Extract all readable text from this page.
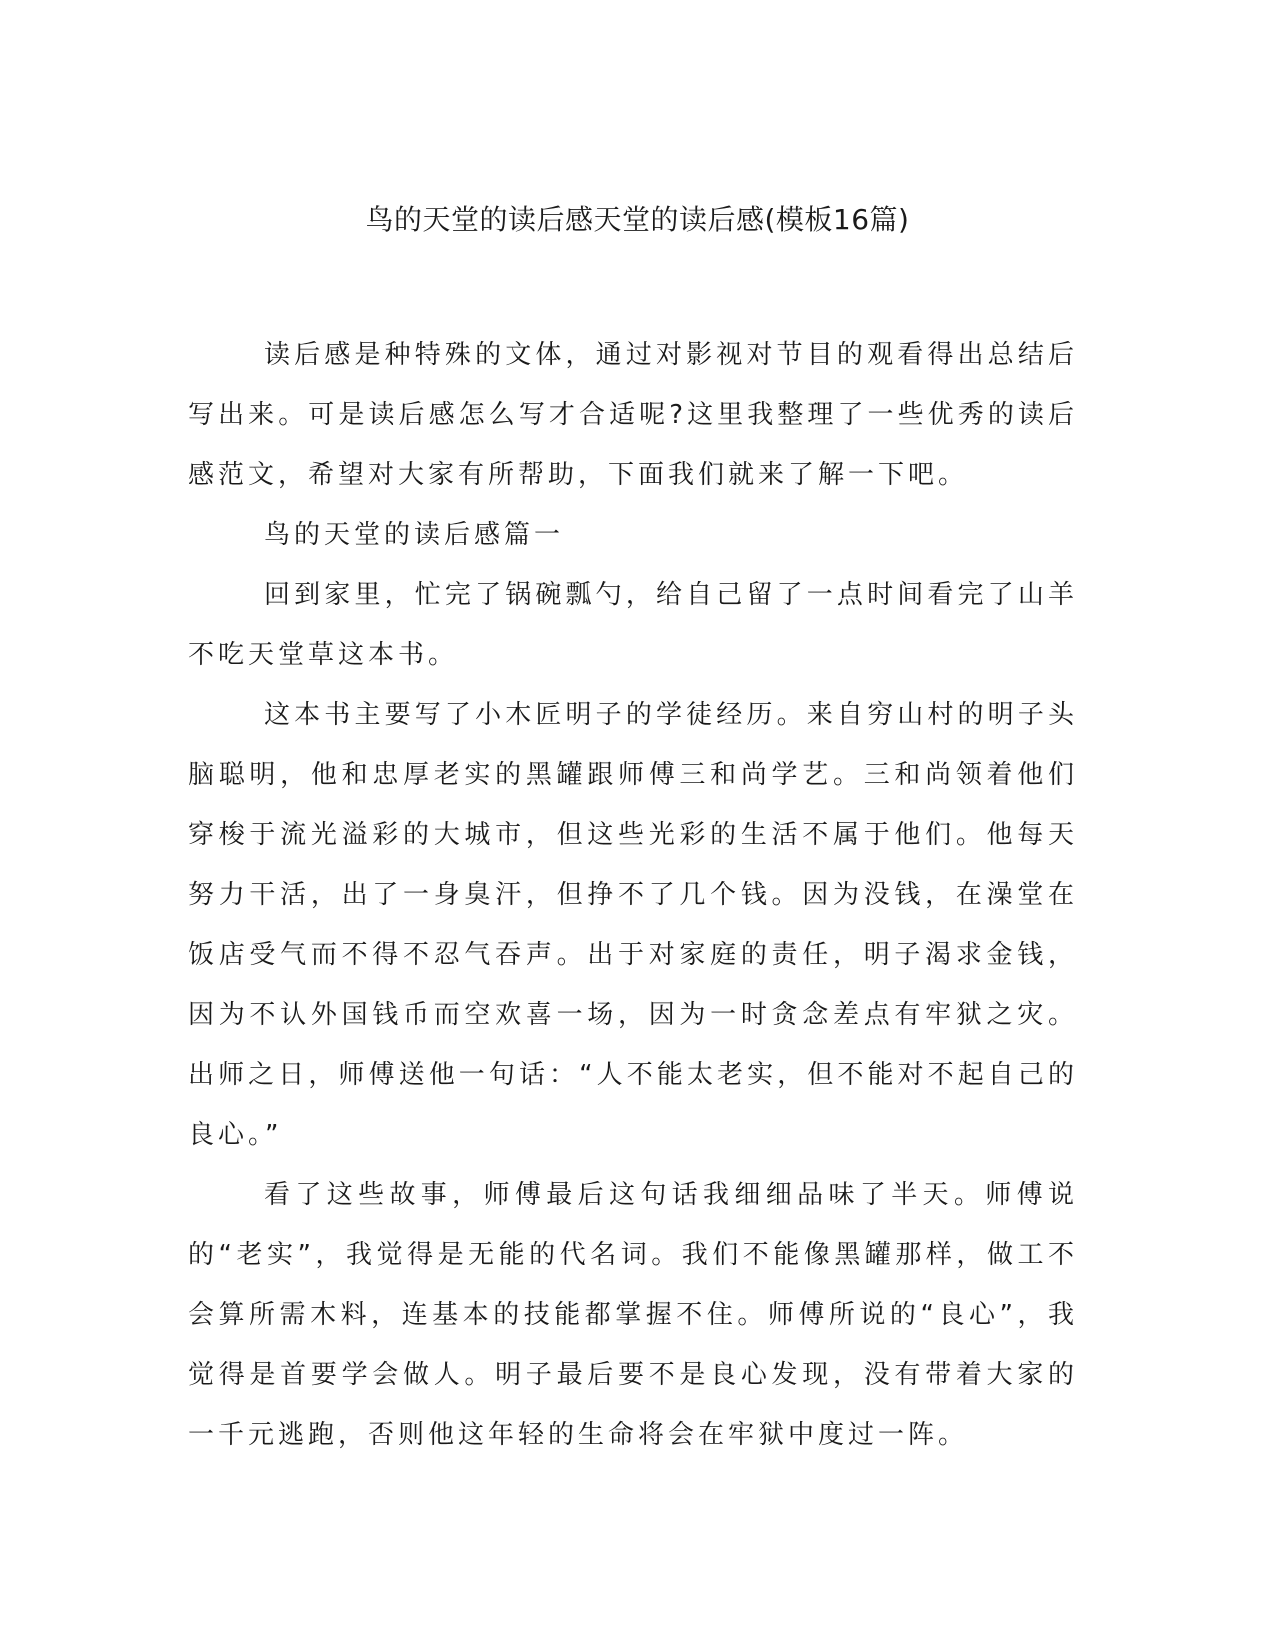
鸟的天堂的读后感天堂的读后感(模板16篇)

读后感是种特殊的文体，通过对影视对节目的观看得出总结后写出来。可是读后感怎么写才合适呢?这里我整理了一些优秀的读后感范文，希望对大家有所帮助，下面我们就来了解一下吧。

鸟的天堂的读后感篇一

回到家里，忙完了锅碗瓢勺，给自己留了一点时间看完了山羊不吃天堂草这本书。

这本书主要写了小木匠明子的学徒经历。来自穷山村的明子头脑聪明，他和忠厚老实的黑罐跟师傅三和尚学艺。三和尚领着他们穿梭于流光溢彩的大城市，但这些光彩的生活不属于他们。他每天努力干活，出了一身臭汗，但挣不了几个钱。因为没钱，在澡堂在饭店受气而不得不忍气吞声。出于对家庭的责任，明子渴求金钱，因为不认外国钱币而空欢喜一场，因为一时贪念差点有牢狱之灾。出师之日，师傅送他一句话：“人不能太老实，但不能对不起自己的良心。”

看了这些故事，师傅最后这句话我细细品味了半天。师傅说的“老实”，我觉得是无能的代名词。我们不能像黑罐那样，做工不会算所需木料，连基本的技能都掌握不住。师傅所说的“良心”，我觉得是首要学会做人。明子最后要不是良心发现，没有带着大家的一千元逃跑，否则他这年轻的生命将会在牢狱中度过一阵。
